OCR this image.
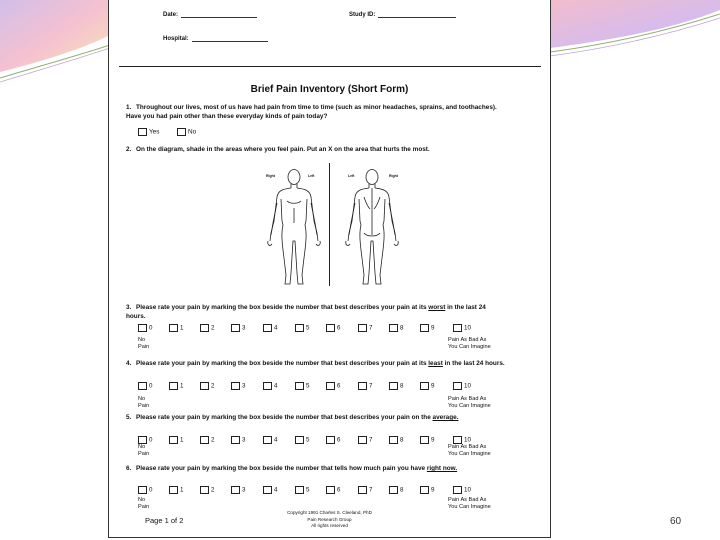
Date:	Study ID:
Hospital:
Brief Pain Inventory (Short Form)
1. Throughout our lives, most of us have had pain from time to time (such as minor headaches, sprains, and toothaches). Have you had pain other than these everyday kinds of pain today?
Yes	No
2. On the diagram, shade in the areas where you feel pain. Put an X on the area that hurts the most.
Right	Left	Left	Right
3. Please rate your pain by marking the box beside the number that best describes your pain at its worst in the last 24 hours.
0	1	2	3	4	5	6	7	8	9	10
No
Pain
Pain As Bad As
You Can Imagine
4. Please rate your pain by marking the box beside the number that best describes your pain at its least in the last 24 hours.
0	1	2	3	4	5	6	7	8	9	10
No
Pain
Pain As Bad As
You Can Imagine
5. Please rate your pain by marking the box beside the number that best describes your pain on the average.
0	1	2	3	4	5	6	7	8	9	10
No
Pain
Pain As Bad As
You Can Imagine
6. Please rate your pain by marking the box beside the number that tells how much pain you have right now.
0	1	2	3	4	5	6	7	8	9	10
No
Pain
Pain As Bad As
You Can Imagine
Page 1 of 2
Copyright 1991 Charles S. Cleeland, PhD
Pain Research Group
All rights reserved	60
